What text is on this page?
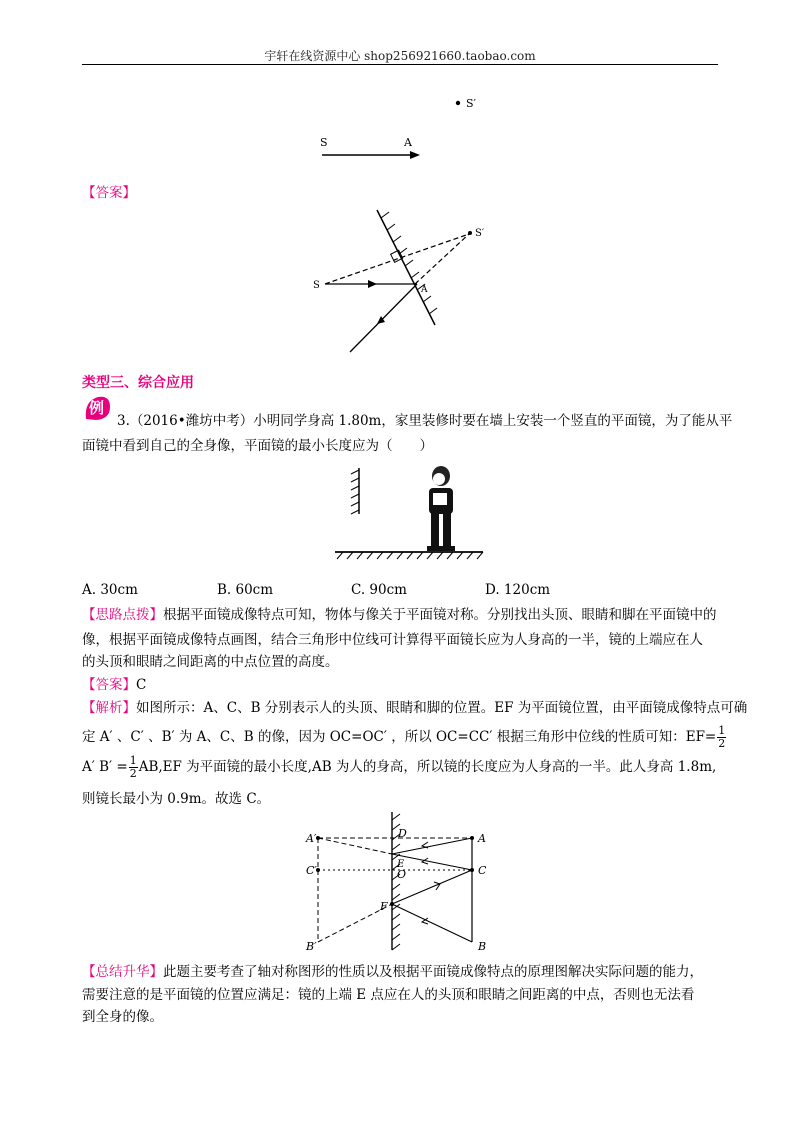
宇轩在线资源中心 shop256921660.taobao.com
S′
S	A
【答案】
S′
S	A
类型三、综合应用
例
3.（2016•潍坊中考）小明同学身高 1.80m，家里装修时要在墙上安装一个竖直的平面镜，为了能从平
面镜中看到自己的全身像，平面镜的最小长度应为（　　）
A. 30cm	B. 60cm	C. 90cm	D. 120cm
【思路点拨】根据平面镜成像特点可知，物体与像关于平面镜对称。分别找出头顶、眼睛和脚在平面镜中的
像，根据平面镜成像特点画图，结合三角形中位线可计算得平面镜长应为人身高的一半，镜的上端应在人
的头顶和眼睛之间距离的中点位置的高度。
【答案】C
【解析】如图所示：A、C、B 分别表示人的头顶、眼睛和脚的位置。EF 为平面镜位置，由平面镜成像特点可确
定 A′ 、C′ 、B′ 为 A、C、B 的像，因为 OC=OC′ ，所以 OC=CC′ 根据三角形中位线的性质可知：$EF= \frac{1}{2}$
A′ $B' = \frac{1}{2} AB,EF$ 为平面镜的最小长度,AB 为人的身高，所以镜的长度应为人身高的一半。此人身高 1.8m,
则镜长最小为 0.9m。故选 C。
A′
C′
B′
D
E
O
F
A
C
B
【总结升华】此题主要考查了轴对称图形的性质以及根据平面镜成像特点的原理图解决实际问题的能力，
需要注意的是平面镜的位置应满足：镜的上端 E 点应在人的头顶和眼睛之间距离的中点，否则也无法看
到全身的像。
